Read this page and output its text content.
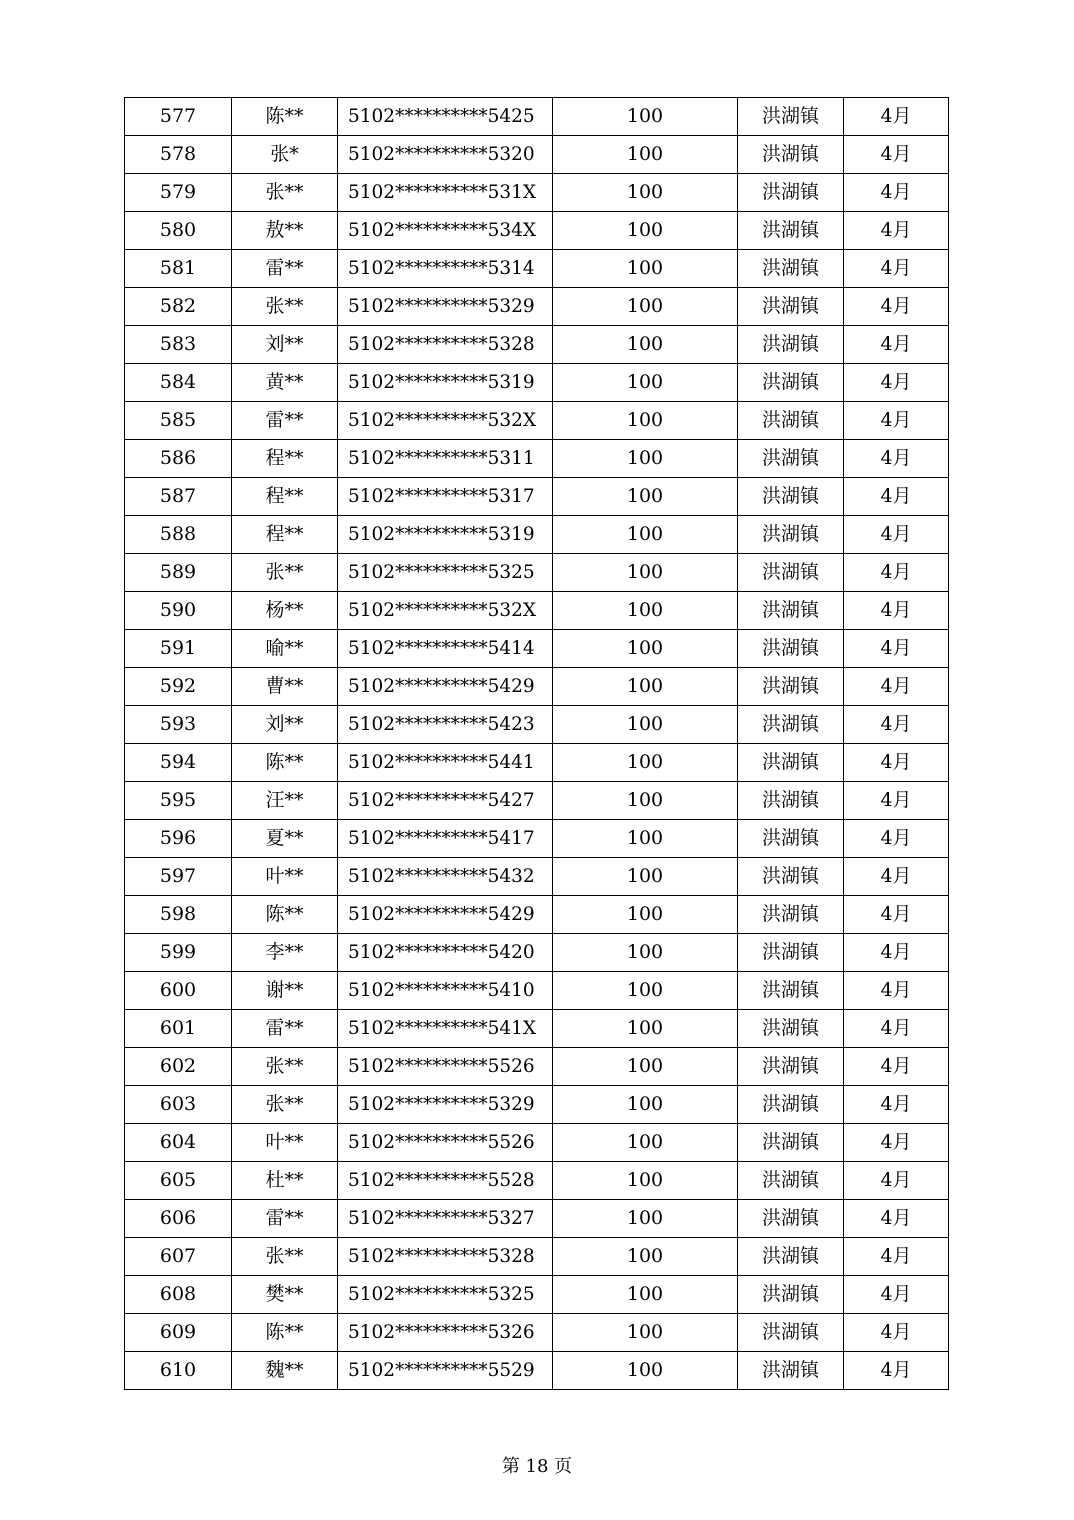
577	陈**	5102**********5425	100	洪湖镇	4月
578	张*	5102**********5320	100	洪湖镇	4月
579	张**	5102**********531X	100	洪湖镇	4月
580	敖**	5102**********534X	100	洪湖镇	4月
581	雷**	5102**********5314	100	洪湖镇	4月
582	张**	5102**********5329	100	洪湖镇	4月
583	刘**	5102**********5328	100	洪湖镇	4月
584	黄**	5102**********5319	100	洪湖镇	4月
585	雷**	5102**********532X	100	洪湖镇	4月
586	程**	5102**********5311	100	洪湖镇	4月
587	程**	5102**********5317	100	洪湖镇	4月
588	程**	5102**********5319	100	洪湖镇	4月
589	张**	5102**********5325	100	洪湖镇	4月
590	杨**	5102**********532X	100	洪湖镇	4月
591	喻**	5102**********5414	100	洪湖镇	4月
592	曹**	5102**********5429	100	洪湖镇	4月
593	刘**	5102**********5423	100	洪湖镇	4月
594	陈**	5102**********5441	100	洪湖镇	4月
595	汪**	5102**********5427	100	洪湖镇	4月
596	夏**	5102**********5417	100	洪湖镇	4月
597	叶**	5102**********5432	100	洪湖镇	4月
598	陈**	5102**********5429	100	洪湖镇	4月
599	李**	5102**********5420	100	洪湖镇	4月
600	谢**	5102**********5410	100	洪湖镇	4月
601	雷**	5102**********541X	100	洪湖镇	4月
602	张**	5102**********5526	100	洪湖镇	4月
603	张**	5102**********5329	100	洪湖镇	4月
604	叶**	5102**********5526	100	洪湖镇	4月
605	杜**	5102**********5528	100	洪湖镇	4月
606	雷**	5102**********5327	100	洪湖镇	4月
607	张**	5102**********5328	100	洪湖镇	4月
608	樊**	5102**********5325	100	洪湖镇	4月
609	陈**	5102**********5326	100	洪湖镇	4月
610	魏**	5102**********5529	100	洪湖镇	4月
第 18 页
